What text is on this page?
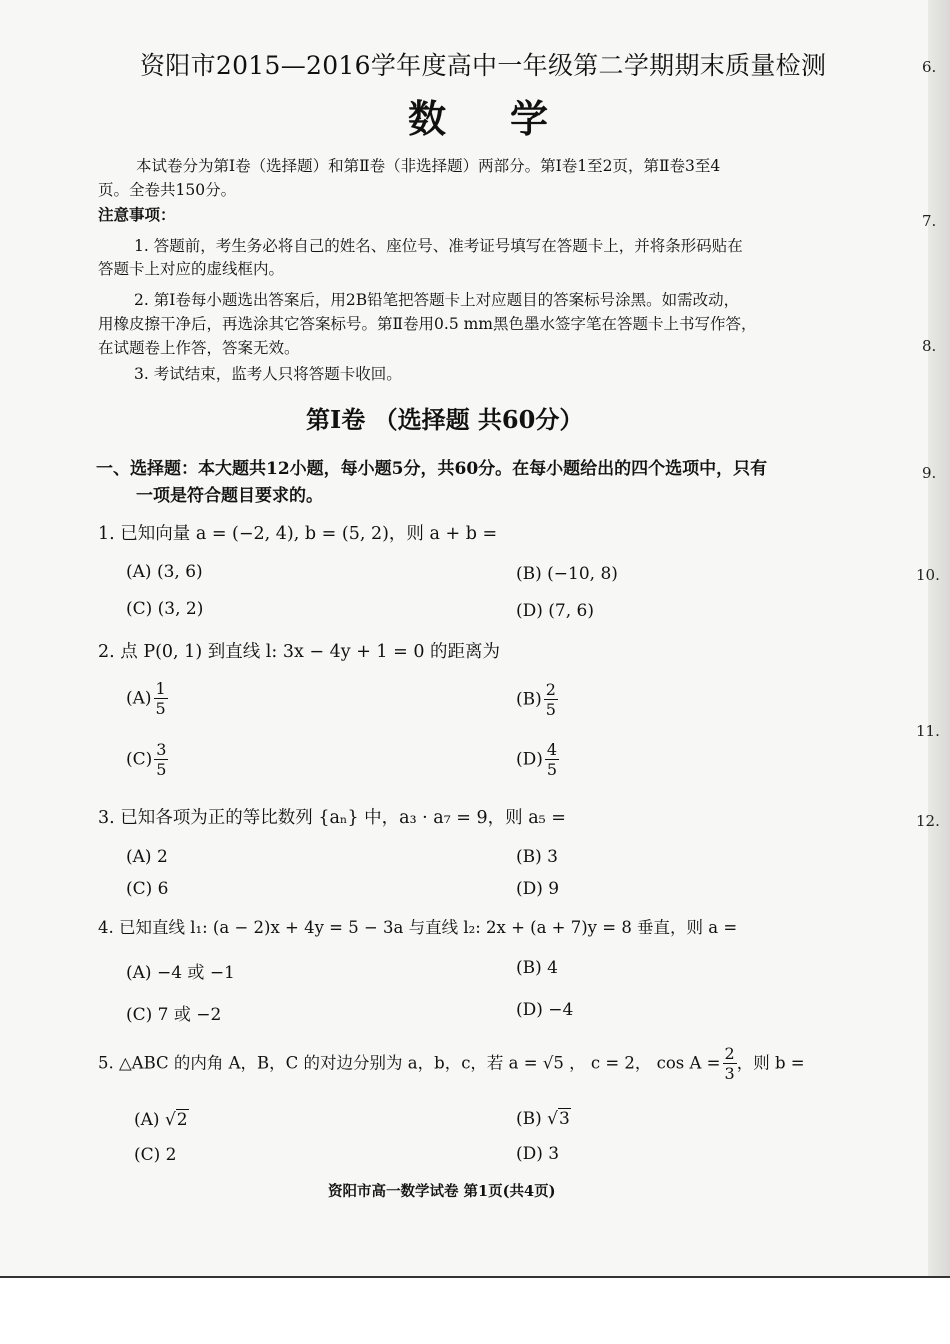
资阳市2015—2016学年度高中一年级第二学期期末质量检测
数学
本试卷分为第Ⅰ卷（选择题）和第Ⅱ卷（非选择题）两部分。第Ⅰ卷1至2页，第Ⅱ卷3至4
页。全卷共150分。
注意事项：
1. 答题前，考生务必将自己的姓名、座位号、准考证号填写在答题卡上，并将条形码贴在
答题卡上对应的虚线框内。
2. 第Ⅰ卷每小题选出答案后，用2B铅笔把答题卡上对应题目的答案标号涂黑。如需改动，
用橡皮擦干净后，再选涂其它答案标号。第Ⅱ卷用0.5 mm黑色墨水签字笔在答题卡上书写作答，
在试题卷上作答，答案无效。
3. 考试结束，监考人只将答题卡收回。
第Ⅰ卷 （选择题 共60分）
一、选择题：本大题共12小题，每小题5分，共60分。在每小题给出的四个选项中，只有
一项是符合题目要求的。
1. 已知向量 a = (−2, 4), b = (5, 2)，则 a + b =
(A) (3, 6)	(B) (−10, 8)
(C) (3, 2)	(D) (7, 6)
2. 点 P(0, 1) 到直线 l: 3x − 4y + 1 = 0 的距离为
$(A) \frac{1}{5}$	$(B) \frac{2}{5}$
$(C) \frac{3}{5}$	$(D) \frac{4}{5}$
3. 已知各项为正的等比数列 {aₙ} 中，a₃ · a₇ = 9，则 a₅ =
(A) 2	(B) 3
(C) 6	(D) 9
4. 已知直线 l₁: (a − 2)x + 4y = 5 − 3a 与直线 l₂: 2x + (a + 7)y = 8 垂直，则 a =
(A) −4 或 −1	(B) 4
(C) 7 或 −2	(D) −4
5. △ABC 的内角 A，B，C 的对边分别为 a，b，c，若 a = √5 ， c = 2， $\cos A = \frac{2}{3}$ ，则 b =
(A) √2	(B) √3
(C) 2	(D) 3
资阳市高一数学试卷 第1页(共4页)
6.
7.
8.
9.
10.
11.
12.
